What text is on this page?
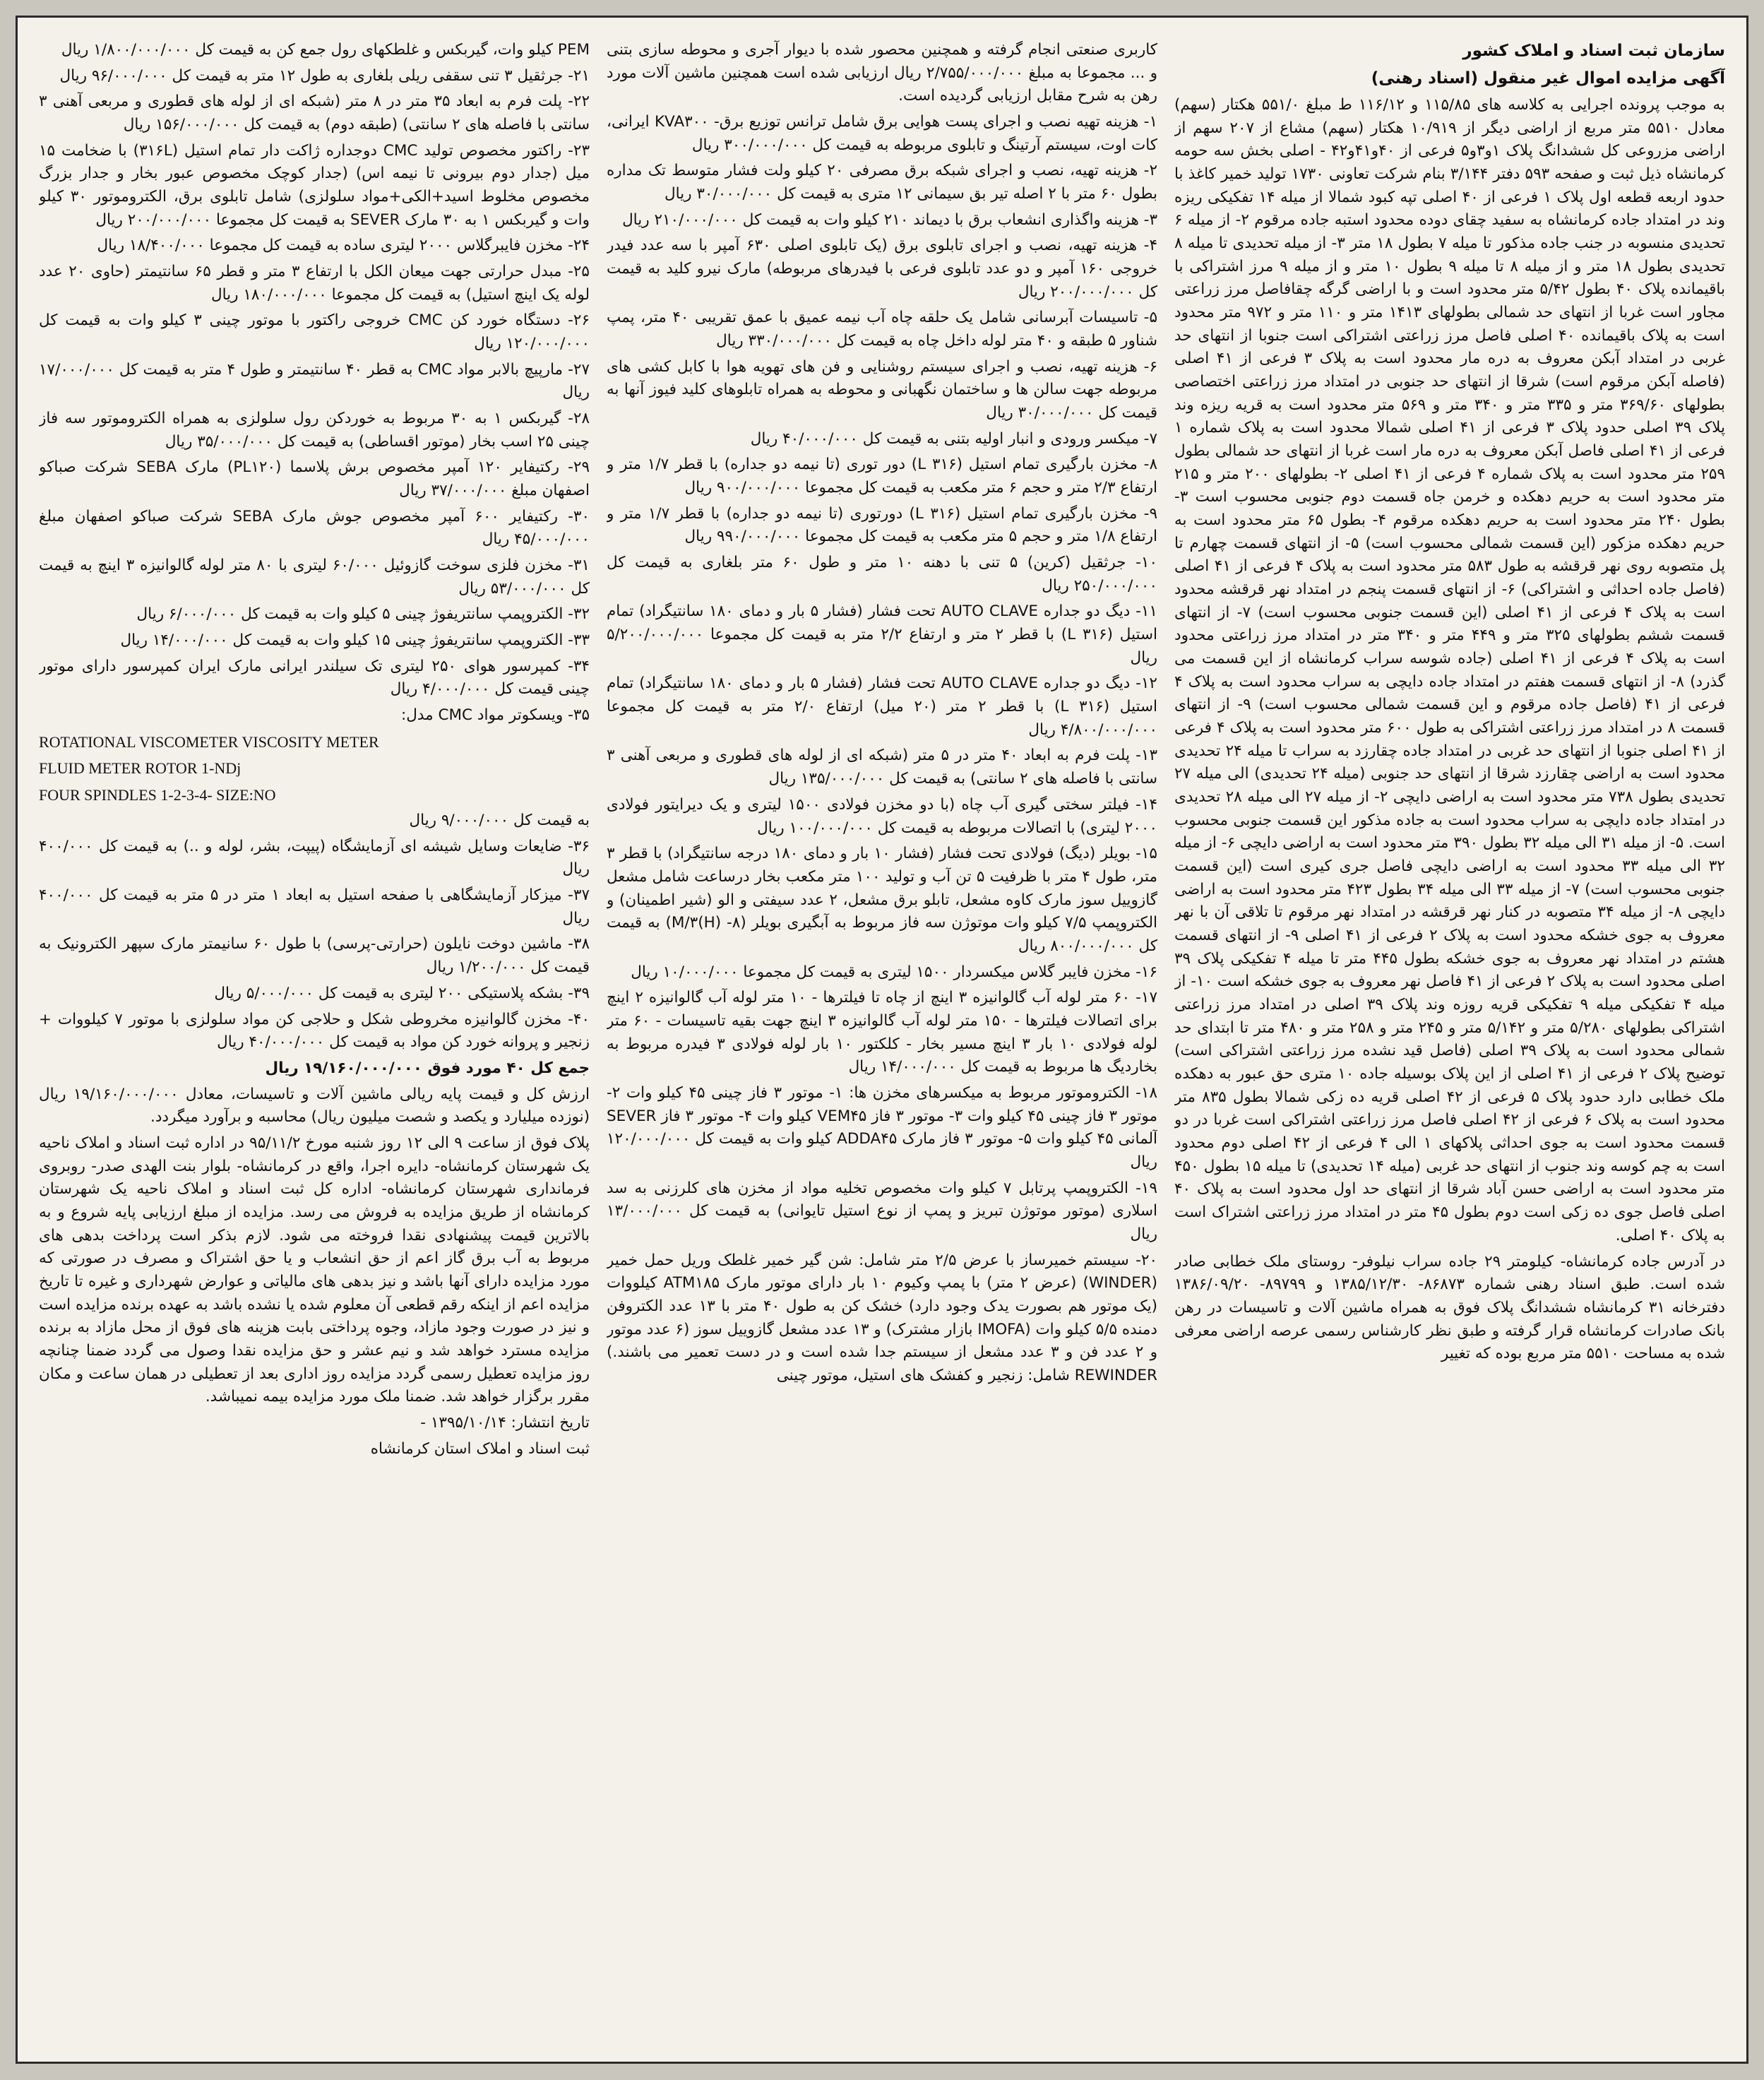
سازمان ثبت اسناد و املاک کشور

آگهی مزایده اموال غیر منقول (اسناد رهنی)

به موجب پرونده اجرایی به کلاسه های ۱۱۵/۸۵ و ۱۱۶/۱۲ ط مبلغ ۵۵۱/۰ هکتار (سهم) معادل ۵۵۱۰ متر مربع از اراضی دیگر از ۱۰/۹۱۹ هکتار (سهم) مشاع از ۲۰۷ سهم از اراضی مزروعی کل ششدانگ پلاک ۱و۳و۵ فرعی از ۴۰و۴۱و۴۲ - اصلی بخش سه حومه کرمانشاه ذیل ثبت و صفحه ۵۹۳ دفتر ۳/۱۴۴ بنام شرکت تعاونی ۱۷۳۰ تولید خمیر کاغذ با حدود اربعه قطعه اول پلاک ۱ فرعی از ۴۰ اصلی تپه کبود شمالا از میله ۱۴ تفکیکی ریزه وند در امتداد جاده کرمانشاه به سفید چقای دوده محدود استبه جاده مرقوم ۲- از میله ۶ تحدیدی منسوبه در جنب جاده مذکور تا میله ۷ بطول ۱۸ متر ۳- از میله تحدیدی تا میله ۸ تحدیدی بطول ۱۸ متر و از میله ۸ تا میله ۹ بطول ۱۰ متر و از میله ۹ مرز اشتراکی با باقیمانده پلاک ۴۰ بطول ۵/۴۲ متر محدود است و با اراضی گرگه چقافاصل مرز زراعتی مجاور است غربا از انتهای حد شمالی بطولهای ۱۴۱۳ متر و ۱۱۰ متر و ۹۷۲ متر محدود است به پلاک باقیمانده ۴۰ اصلی فاصل مرز زراعتی اشتراکی است جنوبا از انتهای حد غربی در امتداد آبکن معروف به دره مار محدود است به پلاک ۳ فرعی از ۴۱ اصلی (فاصله آبکن مرقوم است) شرقا از انتهای حد جنوبی در امتداد مرز زراعتی اختصاصی بطولهای ۳۶۹/۶۰ متر و ۳۳۵ متر و ۳۴۰ متر و ۵۶۹ متر محدود است به قریه ریزه وند پلاک ۳۹ اصلی حدود پلاک ۳ فرعی از ۴۱ اصلی شمالا محدود است به پلاک شماره ۱ فرعی از ۴۱ اصلی فاصل آبکن معروف به دره مار است غربا از انتهای حد شمالی بطول ۲۵۹ متر محدود است به پلاک شماره ۴ فرعی از ۴۱ اصلی ۲- بطولهای ۲۰۰ متر و ۲۱۵ متر محدود است به حریم دهکده و خرمن جاه قسمت دوم جنوبی محسوب است ۳- بطول ۲۴۰ متر محدود است به حریم دهکده مرقوم ۴- بطول ۶۵ متر محدود است به حریم دهکده مزکور (این قسمت شمالی محسوب است) ۵- از انتهای قسمت چهارم تا پل متصوبه روی نهر قرقشه به طول ۵۸۳ متر محدود است به پلاک ۴ فرعی از ۴۱ اصلی (فاصل جاده احداثی و اشتراکی) ۶- از انتهای قسمت پنجم در امتداد نهر قرقشه محدود است به پلاک ۴ فرعی از ۴۱ اصلی (این قسمت جنوبی محسوب است) ۷- از انتهای قسمت ششم بطولهای ۳۲۵ متر و ۴۴۹ متر و ۳۴۰ متر در امتداد مرز زراعتی محدود است به پلاک ۴ فرعی از ۴۱ اصلی (جاده شوسه سراب کرمانشاه از این قسمت می گذرد) ۸- از انتهای قسمت هفتم در امتداد جاده دایچی به سراب محدود است به پلاک ۴ فرعی از ۴۱ (فاصل جاده مرقوم و این قسمت شمالی محسوب است) ۹- از انتهای قسمت ۸ در امتداد مرز زراعتی اشتراکی به طول ۶۰۰ متر محدود است به پلاک ۴ فرعی از ۴۱ اصلی جنوبا از انتهای حد غربی در امتداد جاده چقارزد به سراب تا میله ۲۴ تحدیدی محدود است به اراضی چقارزد شرقا از انتهای حد جنوبی (میله ۲۴ تحدیدی) الی میله ۲۷ تحدیدی بطول ۷۳۸ متر محدود است به اراضی دایچی ۲- از میله ۲۷ الی میله ۲۸ تحدیدی در امتداد جاده دایچی به سراب محدود است به جاده مذکور این قسمت جنوبی محسوب است. ۵- از میله ۳۱ الی میله ۳۲ بطول ۳۹۰ متر محدود است به اراضی دایچی ۶- از میله ۳۲ الی میله ۳۳ محدود است به اراضی دایچی فاصل جری کیری است (این قسمت جنوبی محسوب است) ۷- از میله ۳۳ الی میله ۳۴ بطول ۴۲۳ متر محدود است به اراضی دایچی ۸- از میله ۳۴ متصوبه در کنار نهر قرقشه در امتداد نهر مرقوم تا تلاقی آن با نهر معروف به جوی خشکه محدود است به پلاک ۲ فرعی از ۴۱ اصلی ۹- از انتهای قسمت هشتم در امتداد نهر معروف به جوی خشکه بطول ۴۴۵ متر تا میله ۴ تفکیکی پلاک ۳۹ اصلی محدود است به پلاک ۲ فرعی از ۴۱ فاصل نهر معروف به جوی خشکه است ۱۰- از میله ۴ تفکیکی میله ۹ تفکیکی قریه روزه وند پلاک ۳۹ اصلی در امتداد مرز زراعتی اشتراکی بطولهای ۵/۲۸۰ متر و ۵/۱۴۲ متر و ۲۴۵ متر و ۲۵۸ متر و ۴۸۰ متر تا ابتدای حد شمالی محدود است به پلاک ۳۹ اصلی (فاصل قید نشده مرز زراعتی اشتراکی است) توضیح پلاک ۲ فرعی از ۴۱ اصلی از این پلاک بوسیله جاده ۱۰ متری حق عبور به دهکده ملک خطابی دارد حدود پلاک ۵ فرعی از ۴۲ اصلی قریه ده زکی شمالا بطول ۸۳۵ متر محدود است به پلاک ۶ فرعی از ۴۲ اصلی فاصل مرز زراعتی اشتراکی است غربا در دو قسمت محدود است به جوی احداثی پلاکهای ۱ الی ۴ فرعی از ۴۲ اصلی دوم محدود است به چم کوسه وند جنوب از انتهای حد غربی (میله ۱۴ تحدیدی) تا میله ۱۵ بطول ۴۵۰ متر محدود است به اراضی حسن آباد شرقا از انتهای حد اول محدود است به پلاک ۴۰ اصلی فاصل جوی ده زکی است دوم بطول ۴۵ متر در امتداد مرز زراعتی اشتراک است به پلاک ۴۰ اصلی.

در آدرس جاده کرمانشاه- کیلومتر ۲۹ جاده سراب نیلوفر- روستای ملک خطابی صادر شده است. طبق اسناد رهنی شماره ۸۶۸۷۳- ۱۳۸۵/۱۲/۳۰ و ۸۹۷۹۹- ۱۳۸۶/۰۹/۲۰ دفترخانه ۳۱ کرمانشاه ششدانگ پلاک فوق به همراه ماشین آلات و تاسیسات در رهن بانک صادرات کرمانشاه قرار گرفته و طبق نظر کارشناس رسمی عرصه اراضی معرفی شده به مساحت ۵۵۱۰ متر مربع بوده که تغییر

کاربری صنعتی انجام گرفته و همچنین محصور شده با دیوار آجری و محوطه سازی بتنی و ... مجموعا به مبلغ ۲/۷۵۵/۰۰۰/۰۰۰ ریال ارزیابی شده است همچنین ماشین آلات مورد رهن به شرح مقابل ارزیابی گردیده است.

۱- هزینه تهیه نصب و اجرای پست هوایی برق شامل ترانس توزیع برق- KVA۳۰۰ ایرانی، کات اوت، سیستم آرتینگ و تابلوی مربوطه به قیمت کل ۳۰۰/۰۰۰/۰۰۰ ریال

۲- هزینه تهیه، نصب و اجرای شبکه برق مصرفی ۲۰ کیلو ولت فشار متوسط تک مداره بطول ۶۰ متر با ۲ اصله تیر بق سیمانی ۱۲ متری به قیمت کل ۳۰/۰۰۰/۰۰۰ ریال

۳- هزینه واگذاری انشعاب برق با دیماند ۲۱۰ کیلو وات به قیمت کل ۲۱۰/۰۰۰/۰۰۰ ریال

۴- هزینه تهیه، نصب و اجرای تابلوی برق (یک تابلوی اصلی ۶۳۰ آمپر با سه عدد فیدر خروجی ۱۶۰ آمپر و دو عدد تابلوی فرعی با فیدرهای مربوطه) مارک نیرو کلید به قیمت کل ۲۰۰/۰۰۰/۰۰۰ ریال

۵- تاسیسات آبرسانی شامل یک حلقه چاه آب نیمه عمیق با عمق تقریبی ۴۰ متر، پمپ شناور ۵ طبقه و ۴۰ متر لوله داخل چاه به قیمت کل ۳۳۰/۰۰۰/۰۰۰ ریال

۶- هزینه تهیه، نصب و اجرای سیستم روشنایی و فن های تهویه هوا با کابل کشی های مربوطه جهت سالن ها و ساختمان نگهبانی و محوطه به همراه تابلوهای کلید فیوز آنها به قیمت کل ۳۰/۰۰۰/۰۰۰ ریال

۷- میکسر ورودی و انبار اولیه بتنی به قیمت کل ۴۰/۰۰۰/۰۰۰ ریال

۸- مخزن بارگیری تمام استیل (۳۱۶ L) دور توری (تا نیمه دو جداره) با قطر ۱/۷ متر و ارتفاع ۲/۳ متر و حجم ۶ متر مکعب به قیمت کل مجموعا ۹۰۰/۰۰۰/۰۰۰ ریال

۹- مخزن بارگیری تمام استیل (۳۱۶ L) دورتوری (تا نیمه دو جداره) با قطر ۱/۷ متر و ارتفاع ۱/۸ متر و حجم ۵ متر مکعب به قیمت کل مجموعا ۹۹۰/۰۰۰/۰۰۰ ریال

۱۰- جرثقیل (کرین) ۵ تنی با دهنه ۱۰ متر و طول ۶۰ متر بلغاری به قیمت کل ۲۵۰/۰۰۰/۰۰۰ ریال

۱۱- دیگ دو جداره AUTO CLAVE تحت فشار (فشار ۵ بار و دمای ۱۸۰ سانتیگراد) تمام استیل (۳۱۶ L) با قطر ۲ متر و ارتفاع ۲/۲ متر به قیمت کل مجموعا ۵/۲۰۰/۰۰۰/۰۰۰ ریال

۱۲- دیگ دو جداره AUTO CLAVE تحت فشار (فشار ۵ بار و دمای ۱۸۰ سانتیگراد) تمام استیل (۳۱۶ L) با قطر ۲ متر (۲۰ میل) ارتفاع ۲/۰ متر به قیمت کل مجموعا ۴/۸۰۰/۰۰۰/۰۰۰ ریال

۱۳- پلت فرم به ابعاد ۴۰ متر در ۵ متر (شبکه ای از لوله های قطوری و مربعی آهنی ۳ سانتی با فاصله های ۲ سانتی) به قیمت کل ۱۳۵/۰۰۰/۰۰۰ ریال

۱۴- فیلتر سختی گیری آب چاه (با دو مخزن فولادی ۱۵۰۰ لیتری و یک دیرایتور فولادی ۲۰۰۰ لیتری) با اتصالات مربوطه به قیمت کل ۱۰۰/۰۰۰/۰۰۰ ریال

۱۵- بویلر (دیگ) فولادی تحت فشار (فشار ۱۰ بار و دمای ۱۸۰ درجه سانتیگراد) با قطر ۳ متر، طول ۴ متر با ظرفیت ۵ تن آب و تولید ۱۰۰ متر مکعب بخار درساعت شامل مشعل گازوییل سوز مارک کاوه مشعل، تابلو برق مشعل، ۲ عدد سیفتی و الو (شیر اطمینان) و الکتروپمپ ۷/۵ کیلو وات موتوژن سه فاز مربوط به آبگیری بویلر (۸- (H)M/۳) به قیمت کل ۸۰۰/۰۰۰/۰۰۰ ریال

۱۶- مخزن فایبر گلاس میکسردار ۱۵۰۰ لیتری به قیمت کل مجموعا ۱۰/۰۰۰/۰۰۰ ریال

۱۷- ۶۰ متر لوله آب گالوانیزه ۳ اینچ از چاه تا فیلترها - ۱۰ متر لوله آب گالوانیزه ۲ اینچ برای اتصالات فیلترها - ۱۵۰ متر لوله آب گالوانیزه ۳ اینچ جهت بقیه تاسیسات - ۶۰ متر لوله فولادی ۱۰ بار ۳ اینچ مسیر بخار - کلکتور ۱۰ بار لوله فولادی ۳ فیدره مربوط به بخاردیگ ها مربوط به قیمت کل ۱۴/۰۰۰/۰۰۰ ریال

۱۸- الکتروموتور مربوط به میکسرهای مخزن ها: ۱- موتور ۳ فاز چینی ۴۵ کیلو وات ۲- موتور ۳ فاز چینی ۴۵ کیلو وات ۳- موتور ۳ فاز VEM۴۵ کیلو وات ۴- موتور ۳ فاز SEVER آلمانی ۴۵ کیلو وات ۵- موتور ۳ فاز مارک ADDA۴۵ کیلو وات به قیمت کل ۱۲۰/۰۰۰/۰۰۰ ریال

۱۹- الکتروپمپ پرتابل ۷ کیلو وات مخصوص تخلیه مواد از مخزن های کلرزنی به سد اسلاری (موتور موتوژن تبریز و پمپ از نوع استیل تایوانی) به قیمت کل ۱۳/۰۰۰/۰۰۰ ریال

۲۰- سیستم خمیرساز با عرض ۲/۵ متر شامل: شن گیر خمیر غلطک وریل حمل خمیر (WINDER) (عرض ۲ متر) با پمپ وکیوم ۱۰ بار دارای موتور مارک ATM۱۸۵ کیلووات (یک موتور هم بصورت یدک وجود دارد) خشک کن به طول ۴۰ متر با ۱۳ عدد الکتروفن دمنده ۵/۵ کیلو وات (IMOFA بازار مشترک) و ۱۳ عدد مشعل گازوییل سوز (۶ عدد موتور و ۲ عدد فن و ۳ عدد مشعل از سیستم جدا شده است و در دست تعمیر می باشند.) REWINDER شامل: زنجیر و کفشک های استیل، موتور چینی

PEM کیلو وات، گیربکس و غلطکهای رول جمع کن به قیمت کل ۱/۸۰۰/۰۰۰/۰۰۰ ریال

۲۱- جرثقیل ۳ تنی سقفی ریلی بلغاری به طول ۱۲ متر به قیمت کل ۹۶/۰۰۰/۰۰۰ ریال

۲۲- پلت فرم به ابعاد ۳۵ متر در ۸ متر (شبکه ای از لوله های قطوری و مربعی آهنی ۳ سانتی با فاصله های ۲ سانتی) (طبقه دوم) به قیمت کل ۱۵۶/۰۰۰/۰۰۰ ریال

۲۳- راکتور مخصوص تولید CMC دوجداره ژاکت دار تمام استیل (۳۱۶L) با ضخامت ۱۵ میل (جدار دوم بیرونی تا نیمه اس) (جدار کوچک مخصوص عبور بخار و جدار بزرگ مخصوص مخلوط اسید+الکی+مواد سلولزی) شامل تابلوی برق، الکتروموتور ۳۰ کیلو وات و گیربکس ۱ به ۳۰ مارک SEVER به قیمت کل مجموعا ۲۰۰/۰۰۰/۰۰۰ ریال

۲۴- مخزن فایبرگلاس ۲۰۰۰ لیتری ساده به قیمت کل مجموعا ۱۸/۴۰۰/۰۰۰ ریال

۲۵- مبدل حرارتی جهت میعان الکل با ارتفاع ۳ متر و قطر ۶۵ سانتیمتر (حاوی ۲۰ عدد لوله یک اینچ استیل) به قیمت کل مجموعا ۱۸۰/۰۰۰/۰۰۰ ریال

۲۶- دستگاه خورد کن CMC خروجی راکتور با موتور چینی ۳ کیلو وات به قیمت کل ۱۲۰/۰۰۰/۰۰۰ ریال

۲۷- مارپیچ بالابر مواد CMC به قطر ۴۰ سانتیمتر و طول ۴ متر به قیمت کل ۱۷/۰۰۰/۰۰۰ ریال

۲۸- گیربکس ۱ به ۳۰ مربوط به خوردکن رول سلولزی به همراه الکتروموتور سه فاز چینی ۲۵ اسب بخار (موتور اقساطی) به قیمت کل ۳۵/۰۰۰/۰۰۰ ریال

۲۹- رکتیفایر ۱۲۰ آمپر مخصوص برش پلاسما (PL۱۲۰) مارک SEBA شرکت صباکو اصفهان مبلغ ۳۷/۰۰۰/۰۰۰ ریال

۳۰- رکتیفایر ۶۰۰ آمپر مخصوص جوش مارک SEBA شرکت صباکو اصفهان مبلغ ۴۵/۰۰۰/۰۰۰ ریال

۳۱- مخزن فلزی سوخت گازوئیل ۶۰/۰۰۰ لیتری با ۸۰ متر لوله گالوانیزه ۳ اینچ به قیمت کل ۵۳/۰۰۰/۰۰۰ ریال

۳۲- الکتروپمپ سانتریفوژ چینی ۵ کیلو وات به قیمت کل ۶/۰۰۰/۰۰۰ ریال

۳۳- الکتروپمپ سانتریفوژ چینی ۱۵ کیلو وات به قیمت کل ۱۴/۰۰۰/۰۰۰ ریال

۳۴- کمپرسور هوای ۲۵۰ لیتری تک سیلندر ایرانی مارک ایران کمپرسور دارای موتور چینی قیمت کل ۴/۰۰۰/۰۰۰ ریال

۳۵- ویسکوتر مواد CMC مدل:

ROTATIONAL VISCOMETER VISCOSITY METER

FLUID METER ROTOR 1-NDj

FOUR SPINDLES 1-2-3-4- SIZE:NO

به قیمت کل ۹/۰۰۰/۰۰۰ ریال

۳۶- ضایعات وسایل شیشه ای آزمایشگاه (پیپت، بشر، لوله و ..) به قیمت کل ۴۰۰/۰۰۰ ریال

۳۷- میزکار آزمایشگاهی با صفحه استیل به ابعاد ۱ متر در ۵ متر به قیمت کل ۴۰۰/۰۰۰ ریال

۳۸- ماشین دوخت نایلون (حرارتی-پرسی) با طول ۶۰ سانیمتر مارک سپهر الکترونیک به قیمت کل ۱/۲۰۰/۰۰۰ ریال

۳۹- بشکه پلاستیکی ۲۰۰ لیتری به قیمت کل ۵/۰۰۰/۰۰۰ ریال

۴۰- مخزن گالوانیزه مخروطی شکل و حلاجی کن مواد سلولزی با موتور ۷ کیلووات + زنجیر و پروانه خورد کن مواد به قیمت کل ۴۰/۰۰۰/۰۰۰ ریال

جمع کل ۴۰ مورد فوق ۱۹/۱۶۰/۰۰۰/۰۰۰ ریال

ارزش کل و قیمت پایه ریالی ماشین آلات و تاسیسات، معادل ۱۹/۱۶۰/۰۰۰/۰۰۰ ریال (نوزده میلیارد و یکصد و شصت میلیون ریال) محاسبه و برآورد میگردد.

پلاک فوق از ساعت ۹ الی ۱۲ روز شنبه مورخ ۹۵/۱۱/۲ در اداره ثبت اسناد و املاک ناحیه یک شهرستان کرمانشاه- دایره اجرا، واقع در کرمانشاه- بلوار بنت الهدی صدر- روبروی فرمانداری شهرستان کرمانشاه- اداره کل ثبت اسناد و املاک ناحیه یک شهرستان کرمانشاه از طریق مزایده به فروش می رسد. مزایده از مبلغ ارزیابی پایه شروع و به بالاترین قیمت پیشنهادی نقدا فروخته می شود. لازم بذکر است پرداخت بدهی های مربوط به آب برق گاز اعم از حق انشعاب و یا حق اشتراک و مصرف در صورتی که مورد مزایده دارای آنها باشد و نیز بدهی های مالیاتی و عوارض شهرداری و غیره تا تاریخ مزایده اعم از اینکه رقم قطعی آن معلوم شده یا نشده باشد به عهده برنده مزایده است و نیز در صورت وجود مازاد، وجوه پرداختی بابت هزینه های فوق از محل مازاد به برنده مزایده مسترد خواهد شد و نیم عشر و حق مزایده نقدا وصول می گردد ضمنا چنانچه روز مزایده تعطیل رسمی گردد مزایده روز اداری بعد از تعطیلی در همان ساعت و مکان مقرر برگزار خواهد شد. ضمنا ملک مورد مزایده بیمه نمیباشد.

تاریخ انتشار: ۱۳۹۵/۱۰/۱۴ -

ثبت اسناد و املاک استان کرمانشاه
